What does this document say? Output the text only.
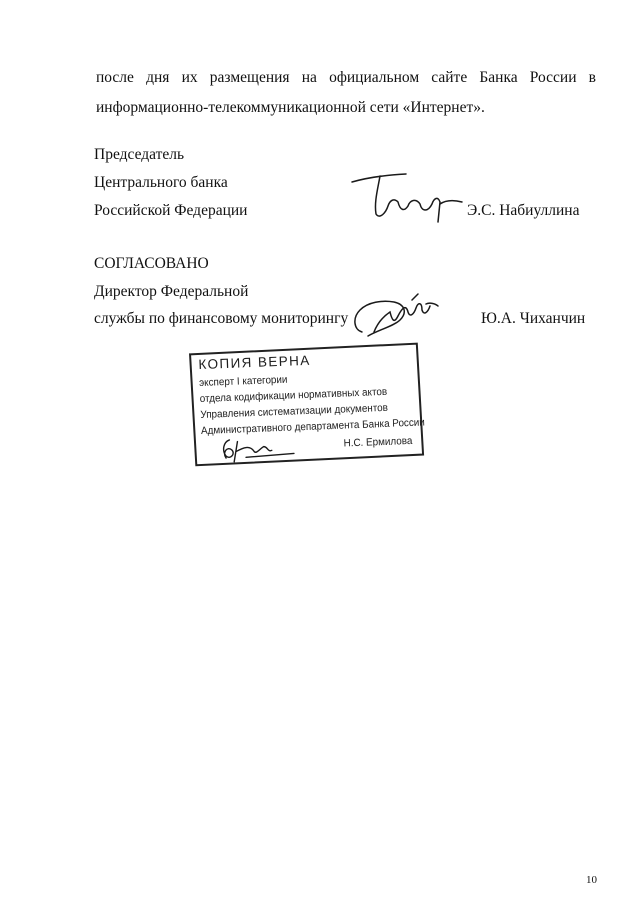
после дня их размещения на официальном сайте Банка России в информационно-телекоммуникационной сети «Интернет».
Председатель
Центрального банка
Российской Федерации	Э.С. Набиуллина
СОГЛАСОВАНО
Директор Федеральной
службы по финансовому мониторингу	Ю.А. Чиханчин
КОПИЯ ВЕРНА
эксперт I категории
отдела кодификации нормативных актов
Управления систематизации документов
Административного департамента Банка России
Н.С. Ермилова
10
